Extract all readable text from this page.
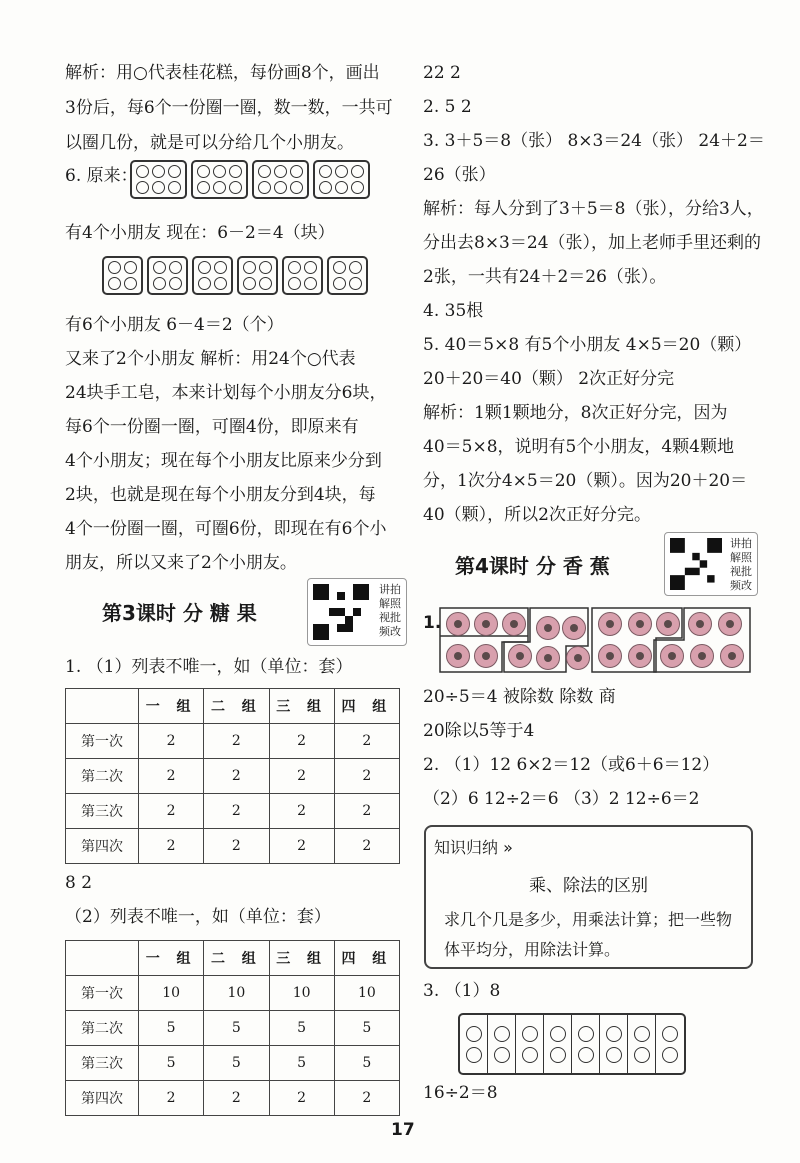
解析：用○代表桂花糕，每份画8个，画出
3份后，每6个一份圈一圈，数一数，一共可
以圈几份，就是可以分给几个小朋友。
6. 原来：
有4个小朋友 现在：6－2＝4（块）
有6个小朋友 6－4＝2（个）
又来了2个小朋友 解析：用24个○代表
24块手工皂，本来计划每个小朋友分6块，
每6个一份圈一圈，可圈4份，即原来有
4个小朋友；现在每个小朋友比原来少分到
2块，也就是现在每个小朋友分到4块，每
4个一份圈一圈，可圈6份，即现在有6个小
朋友，所以又来了2个小朋友。
第3课时 分 糖 果
讲拍解照视批频改
1. （1）列表不唯一，如（单位：套）
	一 组	二 组	三 组	四 组
第一次	2	2	2	2
第二次	2	2	2	2
第三次	2	2	2	2
第四次	2	2	2	2
8 2
（2）列表不唯一，如（单位：套）
	一 组	二 组	三 组	四 组
第一次	10	10	10	10
第二次	5	5	5	5
第三次	5	5	5	5
第四次	2	2	2	2
22 2
2. 5 2
3. 3＋5＝8（张） 8×3＝24（张） 24＋2＝
26（张）
解析：每人分到了3＋5＝8（张），分给3人，
分出去8×3＝24（张），加上老师手里还剩的
2张，一共有24＋2＝26（张）。
4. 35根
5. 40＝5×8 有5个小朋友 4×5＝20（颗）
20＋20＝40（颗） 2次正好分完
解析：1颗1颗地分，8次正好分完，因为
40＝5×8，说明有5个小朋友，4颗4颗地
分，1次分4×5＝20（颗）。因为20＋20＝
40（颗），所以2次正好分完。
第4课时 分 香 蕉
讲拍解照视批频改
1.
20÷5＝4 被除数 除数 商
20除以5等于4
2. （1）12 6×2＝12（或6＋6＝12）
（2）6 12÷2＝6 （3）2 12÷6＝2
知识归纳 »
乘、除法的区别
求几个几是多少，用乘法计算；把一些物体平均分，用除法计算。
3. （1）8
16÷2＝8
17
